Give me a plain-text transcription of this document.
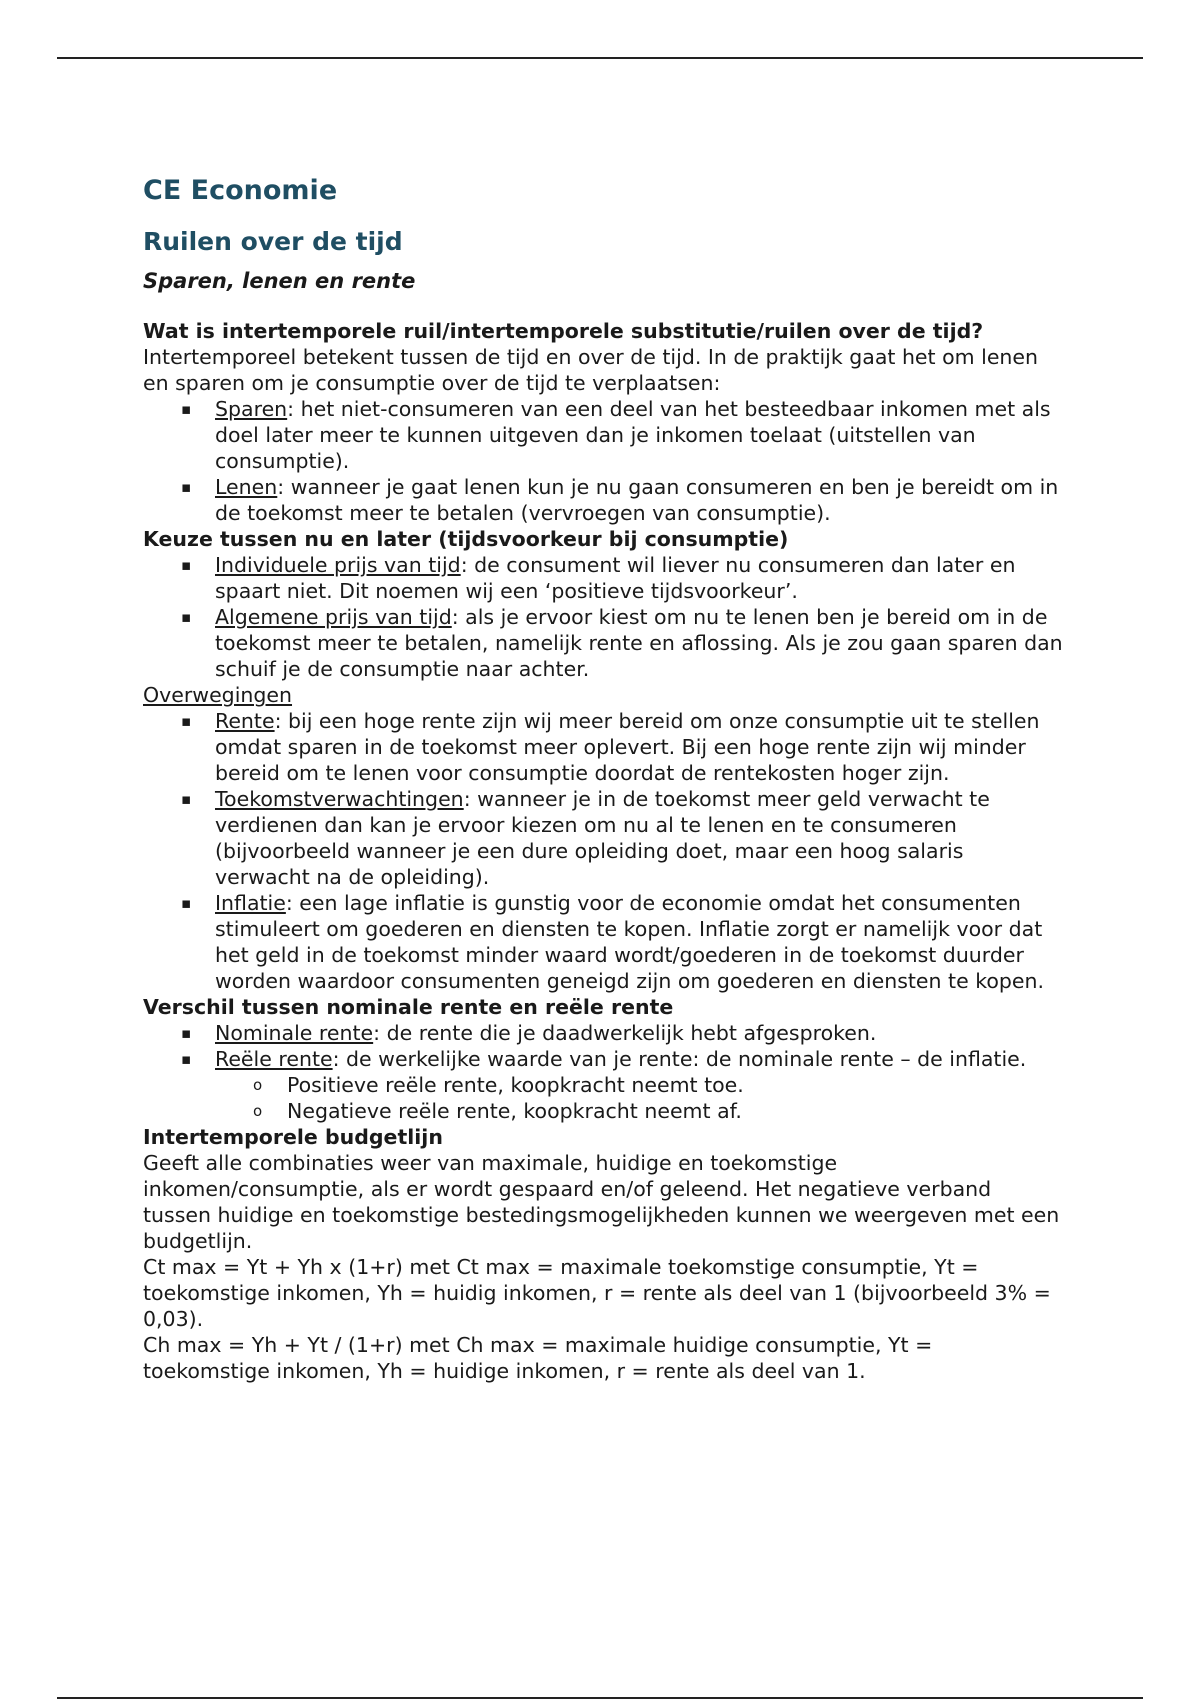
CE Economie
Ruilen over de tijd
Sparen, lenen en rente
Wat is intertemporele ruil/intertemporele substitutie/ruilen over de tijd?

Intertemporeel betekent tussen de tijd en over de tijd. In de praktijk gaat het om lenen en sparen om je consumptie over de tijd te verplaatsen:

▪ Sparen: het niet-consumeren van een deel van het besteedbaar inkomen met als doel later meer te kunnen uitgeven dan je inkomen toelaat (uitstellen van consumptie).
▪ Lenen: wanneer je gaat lenen kun je nu gaan consumeren en ben je bereidt om in de toekomst meer te betalen (vervroegen van consumptie).
Keuze tussen nu en later (tijdsvoorkeur bij consumptie)
▪ Individuele prijs van tijd: de consument wil liever nu consumeren dan later en spaart niet. Dit noemen wij een ‘positieve tijdsvoorkeur’.
▪ Algemene prijs van tijd: als je ervoor kiest om nu te lenen ben je bereid om in de toekomst meer te betalen, namelijk rente en aflossing. Als je zou gaan sparen dan schuif je de consumptie naar achter.

Overwegingen

▪ Rente: bij een hoge rente zijn wij meer bereid om onze consumptie uit te stellen omdat sparen in de toekomst meer oplevert. Bij een hoge rente zijn wij minder bereid om te lenen voor consumptie doordat de rentekosten hoger zijn.
▪ Toekomstverwachtingen: wanneer je in de toekomst meer geld verwacht te verdienen dan kan je ervoor kiezen om nu al te lenen en te consumeren (bijvoorbeeld wanneer je een dure opleiding doet, maar een hoog salaris verwacht na de opleiding).
▪ Inflatie: een lage inflatie is gunstig voor de economie omdat het consumenten stimuleert om goederen en diensten te kopen. Inflatie zorgt er namelijk voor dat het geld in de toekomst minder waard wordt/goederen in de toekomst duurder worden waardoor consumenten geneigd zijn om goederen en diensten te kopen.
Verschil tussen nominale rente en reële rente
▪ Nominale rente: de rente die je daadwerkelijk hebt afgesproken.
▪ Reële rente: de werkelijke waarde van je rente: de nominale rente – de inflatie.
o Positieve reële rente, koopkracht neemt toe.
o Negatieve reële rente, koopkracht neemt af.
Intertemporele budgetlijn

Geeft alle combinaties weer van maximale, huidige en toekomstige inkomen/consumptie, als er wordt gespaard en/of geleend. Het negatieve verband tussen huidige en toekomstige bestedingsmogelijkheden kunnen we weergeven met een budgetlijn.

Ct max = Yt + Yh x (1+r) met Ct max = maximale toekomstige consumptie, Yt = toekomstige inkomen, Yh = huidig inkomen, r = rente als deel van 1 (bijvoorbeeld 3% = 0,03).

Ch max = Yh + Yt / (1+r) met Ch max = maximale huidige consumptie, Yt = toekomstige inkomen, Yh = huidige inkomen, r = rente als deel van 1.
